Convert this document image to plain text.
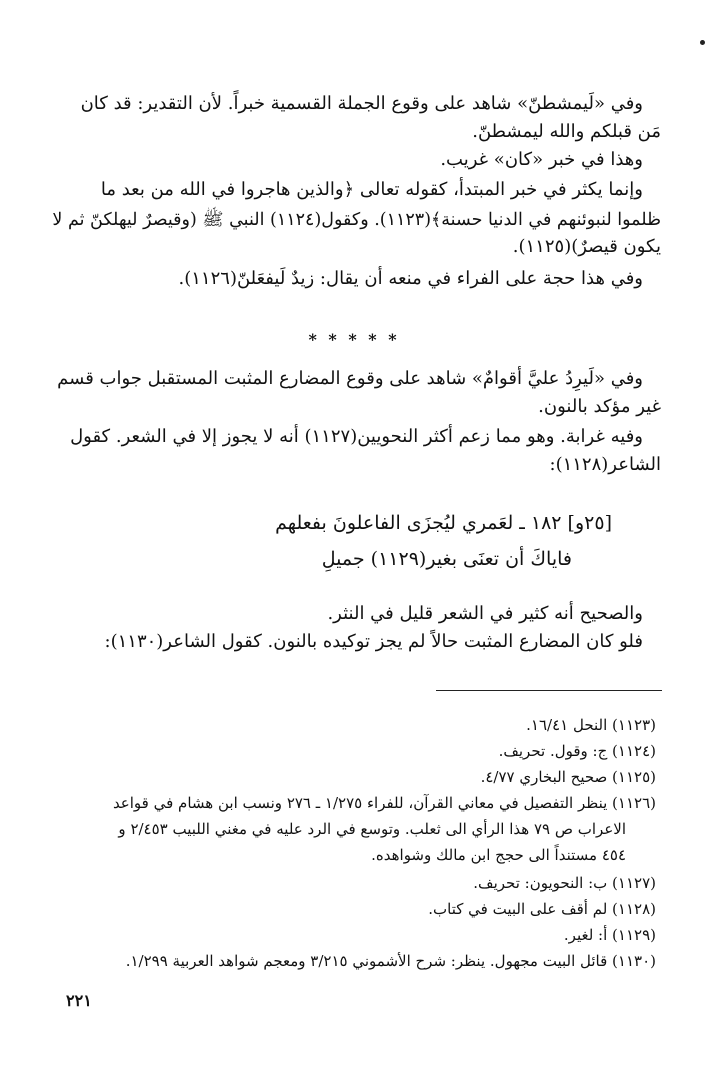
وفي «لَيمشطنّ» شاهد على وقوع الجملة القسمية خبراً. لأن التقدير: قد كان
مَن قبلكم والله ليمشطنّ.
وهذا في خبر «كان» غريب.
وإنما يكثر في خبر المبتدأ، كقوله تعالى ﴿والذين هاجروا في الله من بعد ما
ظلموا لنبوئنهم في الدنيا حسنة﴾(١١٢٣). وكقول(١١٢٤) النبي ﷺ (وقيصرٌ ليهلكنّ ثم لا
يكون قيصرٌ)(١١٢٥).
وفي هذا حجة على الفراء في منعه أن يقال: زيدٌ لَيفعَلنّ(١١٢٦).
* * * * *
وفي «لَيرِدُ عليَّ أقوامٌ» شاهد على وقوع المضارع المثبت المستقبل جواب قسم
غير مؤكد بالنون.
وفيه غرابة. وهو مما زعم أكثر النحويين(١١٢٧) أنه لا يجوز إلا في الشعر. كقول
الشاعر(١١٢٨):
[٢٥و] ١٨٢ ـ لعَمري ليُجزَى الفاعلونَ بفعلهم
فاياكَ أن تعنَى بغير(١١٢٩) جميلِ
والصحيح أنه كثير في الشعر قليل في النثر.
فلو كان المضارع المثبت حالاً لم يجز توكيده بالنون. كقول الشاعر(١١٣٠):
(١١٢٣) النحل ١٦/٤١.
(١١٢٤) ج: وقول. تحريف.
(١١٢٥) صحيح البخاري ٤/٧٧.
(١١٢٦) ينظر التفصيل في معاني القرآن، للفراء ١/٢٧٥ ـ ٢٧٦ ونسب ابن هشام في قواعد
الاعراب ص ٧٩ هذا الرأي الى ثعلب. وتوسع في الرد عليه في مغني اللبيب ٢/٤٥٣ و
٤٥٤ مستنداً الى حجج ابن مالك وشواهده.
(١١٢٧) ب: النحويون: تحريف.
(١١٢٨) لم أقف على البيت في كتاب.
(١١٢٩) أ: لغير.
(١١٣٠) قائل البيت مجهول. ينظر: شرح الأشموني ٣/٢١٥ ومعجم شواهد العربية ١/٢٩٩.
٢٢١
